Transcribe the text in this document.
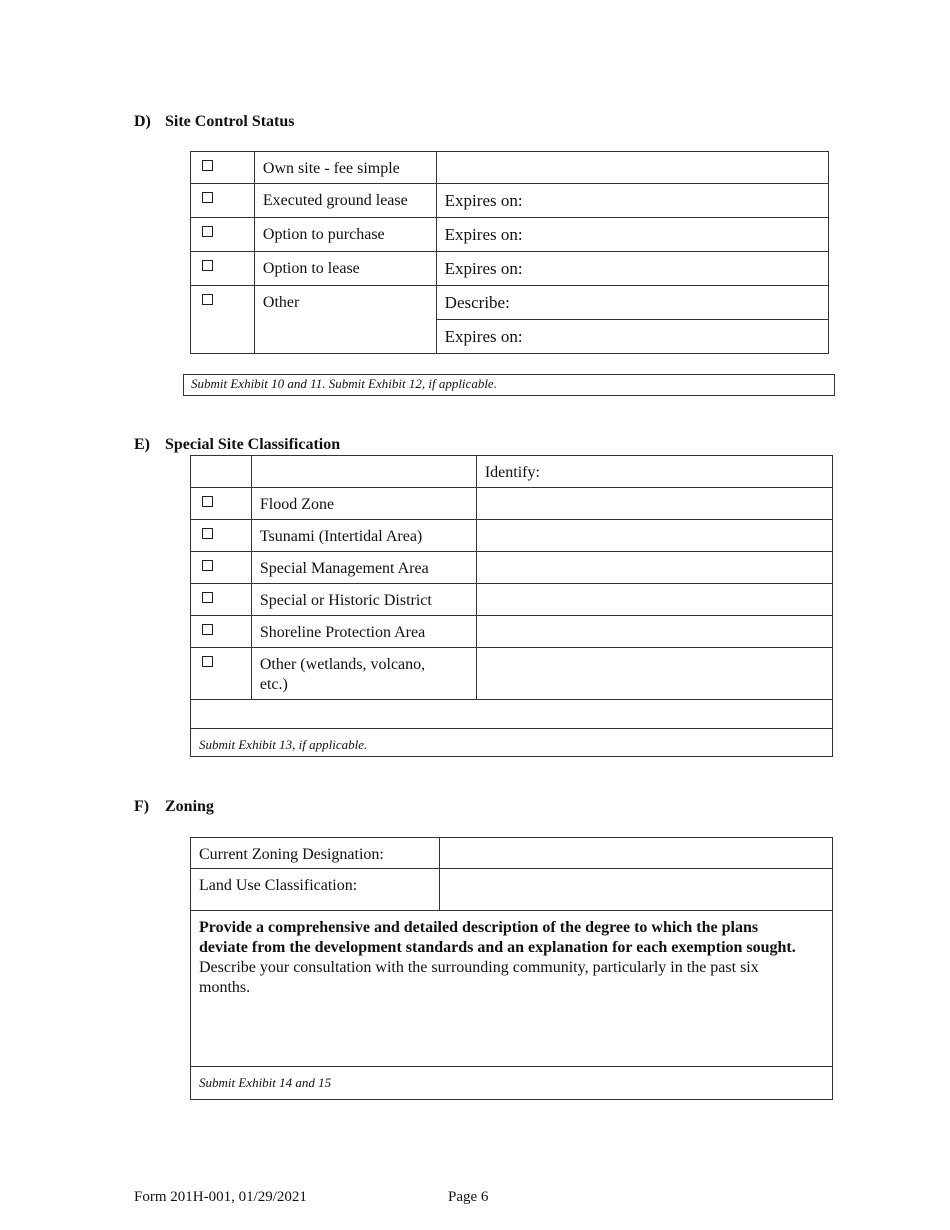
D) Site Control Status

	Own site - fee simple	

	Executed ground lease	Expires on:

	Option to purchase	Expires on:

	Option to lease	Expires on:

	Other	Describe:

		Expires on:
Submit Exhibit 10 and 11. Submit Exhibit 12, if applicable.
E) Special Site Classification

		Identify:

	Flood Zone	

	Tsunami (Intertidal Area)	

	Special Management Area	

	Special or Historic District	

	Shoreline Protection Area	

	Other (wetlands, volcano, etc.)	

Submit Exhibit 13, if applicable.		
F) Zoning
Current Zoning Designation:	

Land Use Classification:	

Provide a comprehensive and detailed description of the degree to which the plans deviate from the development standards and an explanation for each exemption sought. Describe your consultation with the surrounding community, particularly in the past six months.	

Submit Exhibit 14 and 15	
Form 201H-001, 01/29/2021	Page 6
